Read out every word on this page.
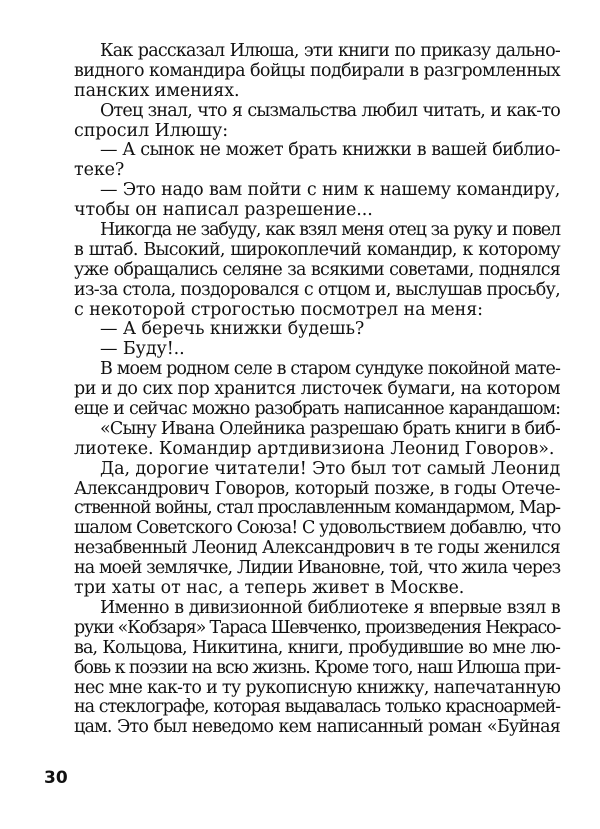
Как рассказал Илюша, эти книги по приказу дально-
видного командира бойцы подбирали в разгромленных
панских имениях.
Отец знал, что я сызмальства любил читать, и как-то
спросил Илюшу:
— А сынок не может брать книжки в вашей библио-
теке?
— Это надо вам пойти с ним к нашему командиру,
чтобы он написал разрешение...
Никогда не забуду, как взял меня отец за руку и повел
в штаб. Высокий, широкоплечий командир, к которому
уже обращались селяне за всякими советами, поднялся
из-за стола, поздоровался с отцом и, выслушав просьбу,
с некоторой строгостью посмотрел на меня:
— А беречь книжки будешь?
— Буду!..
В моем родном селе в старом сундуке покойной мате-
ри и до сих пор хранится листочек бумаги, на котором
еще и сейчас можно разобрать написанное карандашом:
«Сыну Ивана Олейника разрешаю брать книги в биб-
лиотеке. Командир артдивизиона Леонид Говоров».
Да, дорогие читатели! Это был тот самый Леонид
Александрович Говоров, который позже, в годы Отече-
ственной войны, стал прославленным командармом, Мар-
шалом Советского Союза! С удовольствием добавлю, что
незабвенный Леонид Александрович в те годы женился
на моей землячке, Лидии Ивановне, той, что жила через
три хаты от нас, а теперь живет в Москве.
Именно в дивизионной библиотеке я впервые взял в
руки «Кобзаря» Тараса Шевченко, произведения Некрасо-
ва, Кольцова, Никитина, книги, пробудившие во мне лю-
бовь к поэзии на всю жизнь. Кроме того, наш Илюша при-
нес мне как-то и ту рукописную книжку, напечатанную
на стеклографе, которая выдавалась только красноармей-
цам. Это был неведомо кем написанный роман «Буйная
30
